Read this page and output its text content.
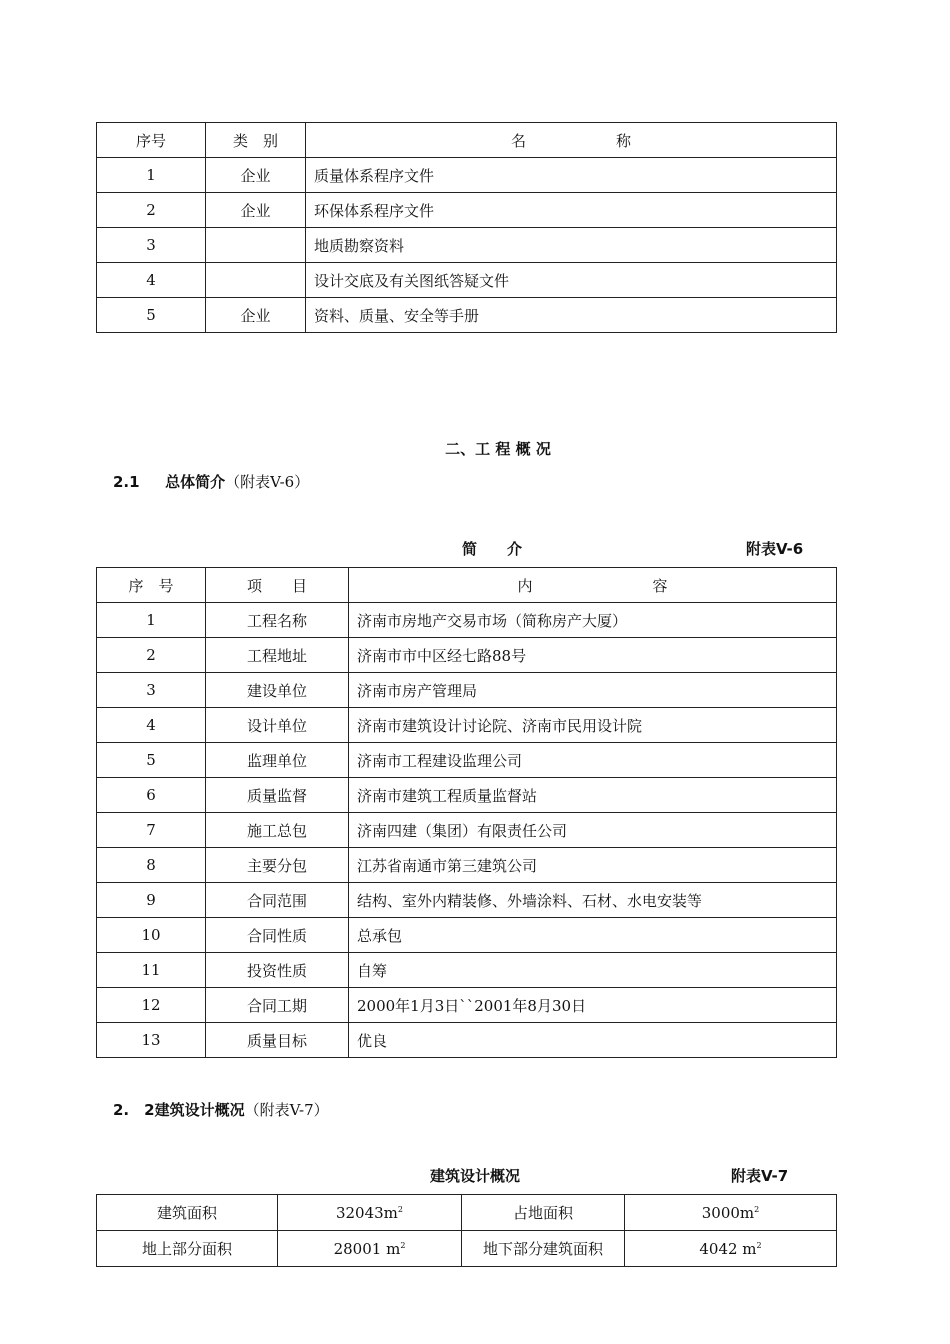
序号	类　别	名　　　　　　称
1	企业	质量体系程序文件
2	企业	环保体系程序文件
3		地质勘察资料
4		设计交底及有关图纸答疑文件
5	企业	资料、质量、安全等手册
二、工 程 概 况
2.1 总体简介（附表V-6）
简　　介	附表V-6
序　号	项　　目	内　　　　　　　　容
1	工程名称	济南市房地产交易市场（简称房产大厦）
2	工程地址	济南市市中区经七路88号
3	建设单位	济南市房产管理局
4	设计单位	济南市建筑设计讨论院、济南市民用设计院
5	监理单位	济南市工程建设监理公司
6	质量监督	济南市建筑工程质量监督站
7	施工总包	济南四建（集团）有限责任公司
8	主要分包	江苏省南通市第三建筑公司
9	合同范围	结构、室外内精装修、外墙涂料、石材、水电安装等
10	合同性质	总承包
11	投资性质	自筹
12	合同工期	2000年1月3日``2001年8月30日
13	质量目标	优良
2.　2建筑设计概况（附表V-7）
建筑设计概况	附表V-7
建筑面积	$32043m^2$	占地面积	$3000m^2$
地上部分面积	28001 $m^2$	地下部分建筑面积	4042 $m^2$
